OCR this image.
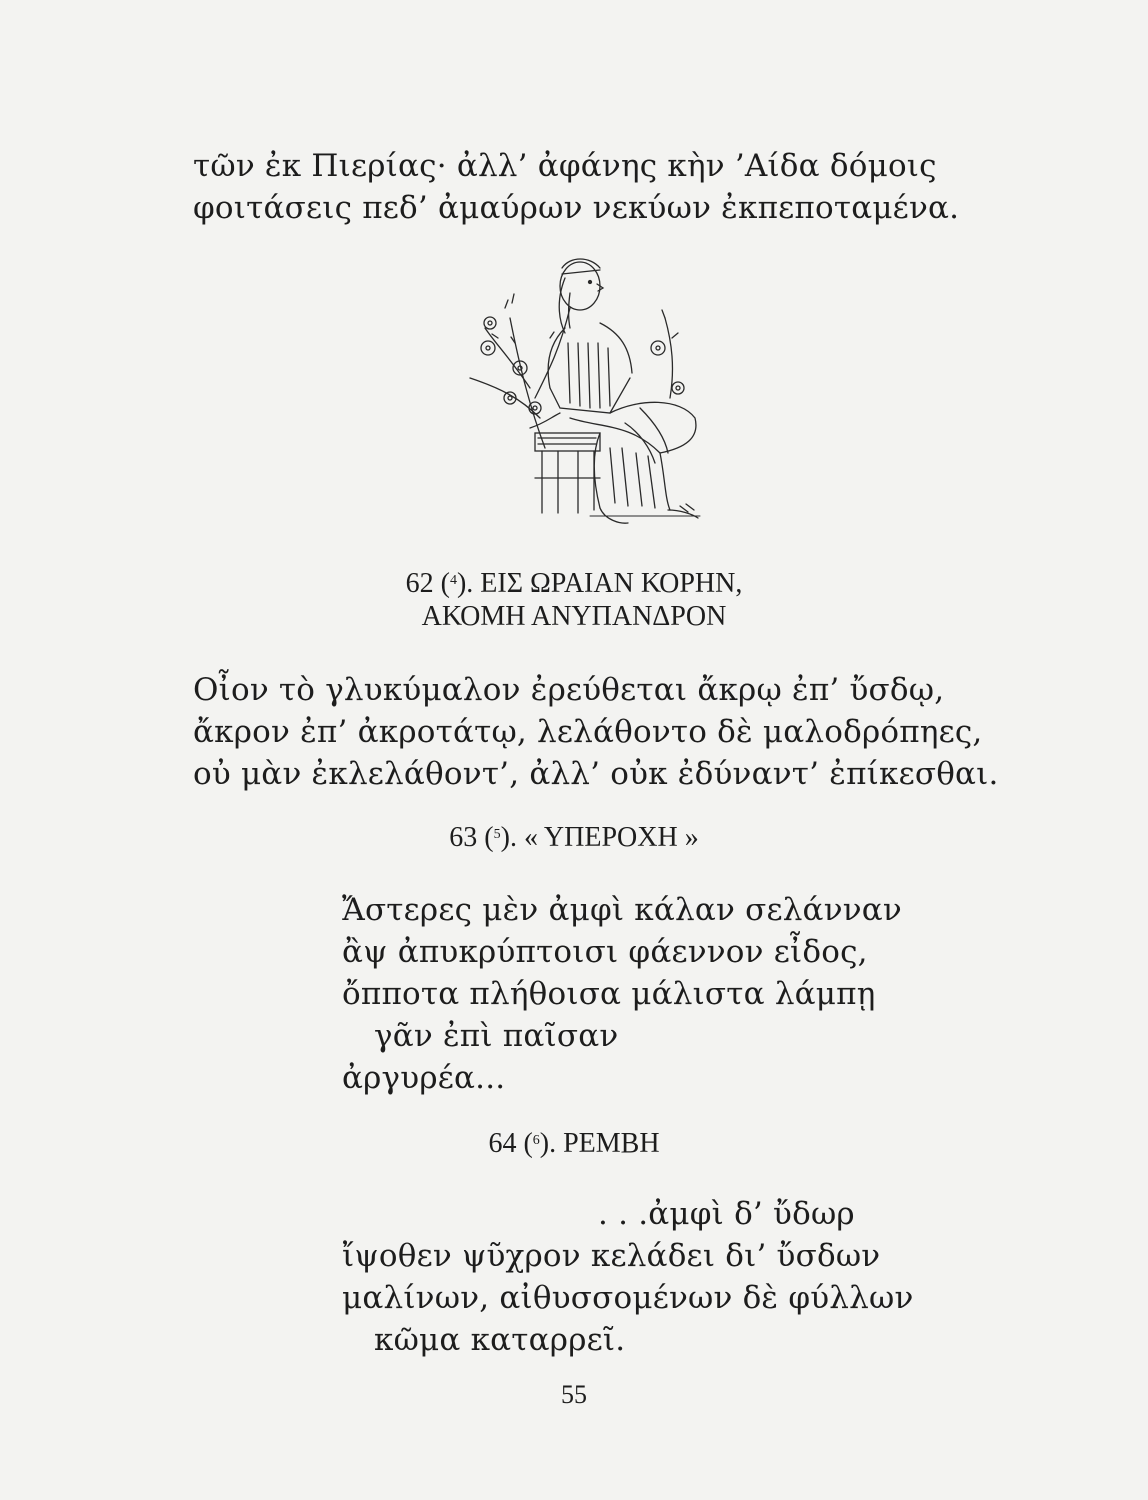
τῶν ἐκ Πιερίας· ἀλλ’ ἀφάνης κὴν ’Αίδα δόμοις
φοιτάσεις πεδ’ ἀμαύρων νεκύων ἐκπεποταμένα.
62 ($^4$). ΕΙΣ ΩΡΑΙΑΝ ΚΟΡΗΝ,
ΑΚΟΜΗ ΑΝΥΠΑΝΔΡΟΝ
Οἶον τὸ γλυκύμαλον ἐρεύθεται ἄκρῳ ἐπ’ ὔσδῳ,
ἄκρον ἐπ’ ἀκροτάτῳ, λελάθοντο δὲ μαλοδρόπηες,
οὐ μὰν ἐκλελάθοντ’, ἀλλ’ οὐκ ἐδύναντ’ ἐπίκεσθαι.
63 ($^5$). « ΥΠΕΡΟΧΗ »
Ἄστερες μὲν ἀμφὶ κάλαν σελάνναν
ἂψ ἀπυκρύπτοισι φάεννον εἶδος,
ὄπποτα πλήθοισα μάλιστα λάμπῃ
γᾶν ἐπὶ παῖσαν
ἀργυρέα...
64 ($^6$). ΡΕΜΒΗ
. . .ἀμφὶ δ’ ὔδωρ
ἴψοθεν ψῦχρον κελάδει δι’ ὔσδων
μαλίνων, αἰθυσσομένων δὲ φύλλων
κῶμα καταρρεῖ.
55
